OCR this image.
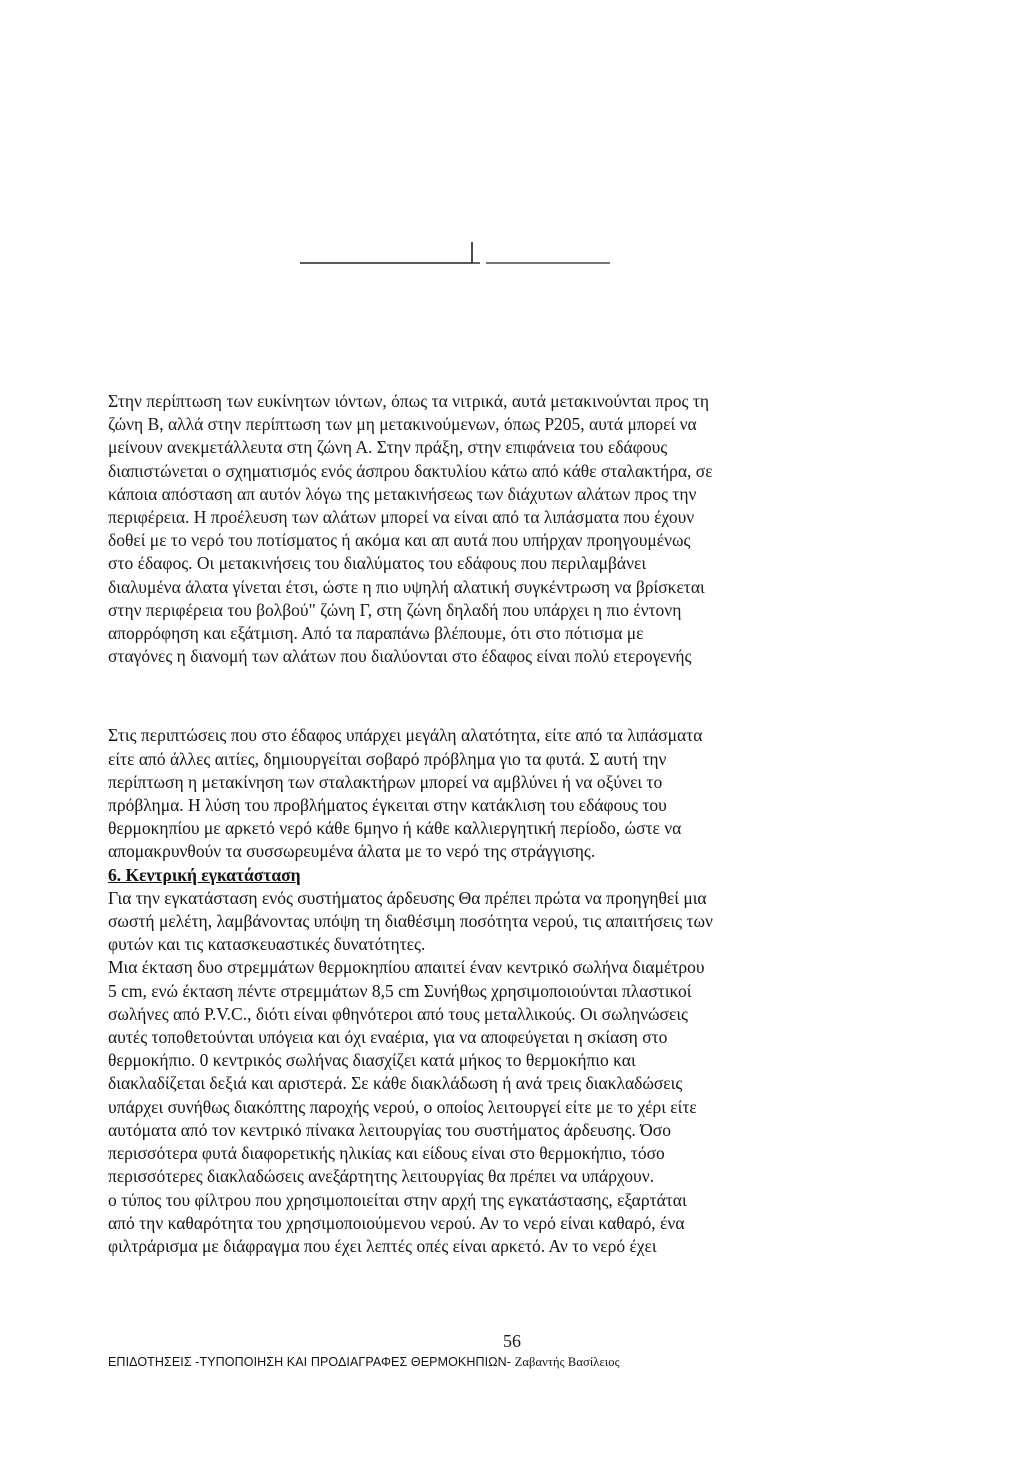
Στην περίπτωση των ευκίνητων ιόντων, όπως τα νιτρικά, αυτά μετακινούνται προς τη
ζώνη Β, αλλά στην περίπτωση των μη μετακινούμενων, όπως Ρ205, αυτά μπορεί να
μείνουν ανεκμετάλλευτα στη ζώνη Α. Στην πράξη, στην επιφάνεια του εδάφους
διαπιστώνεται ο σχηματισμός ενός άσπρου δακτυλίου κάτω από κάθε σταλακτήρα, σε
κάποια απόσταση απ αυτόν λόγω της μετακινήσεως των διάχυτων αλάτων προς την
περιφέρεια. Η προέλευση των αλάτων μπορεί να είναι από τα λιπάσματα που έχουν
δοθεί με το νερό του ποτίσματος ή ακόμα και απ αυτά που υπήρχαν προηγουμένως
στο έδαφος. Οι μετακινήσεις του διαλύματος του εδάφους που περιλαμβάνει
διαλυμένα άλατα γίνεται έτσι, ώστε η πιο υψηλή αλατική συγκέντρωση να βρίσκεται
στην περιφέρεια του βολβού" ζώνη Γ, στη ζώνη δηλαδή που υπάρχει η πιο έντονη
απορρόφηση και εξάτμιση. Από τα παραπάνω βλέπουμε, ότι στο πότισμα με
σταγόνες η διανομή των αλάτων που διαλύονται στο έδαφος είναι πολύ ετερογενής

Στις περιπτώσεις που στο έδαφος υπάρχει μεγάλη αλατότητα, είτε από τα λιπάσματα
είτε από άλλες αιτίες, δημιουργείται σοβαρό πρόβλημα γιο τα φυτά. Σ αυτή την
περίπτωση η μετακίνηση των σταλακτήρων μπορεί να αμβλύνει ή να οξύνει το
πρόβλημα. Η λύση του προβλήματος έγκειται στην κατάκλιση του εδάφους του
θερμοκηπίου με αρκετό νερό κάθε 6μηνο ή κάθε καλλιεργητική περίοδο, ώστε να
απομακρυνθούν τα συσσωρευμένα άλατα με το νερό της στράγγισης.

6. Κεντρική εγκατάσταση

Για την εγκατάσταση ενός συστήματος άρδευσης Θα πρέπει πρώτα να προηγηθεί μια
σωστή μελέτη, λαμβάνοντας υπόψη τη διαθέσιμη ποσότητα νερού, τις απαιτήσεις των
φυτών και τις κατασκευαστικές δυνατότητες.
Μια έκταση δυο στρεμμάτων θερμοκηπίου απαιτεί έναν κεντρικό σωλήνα διαμέτρου
5 cm, ενώ έκταση πέντε στρεμμάτων 8,5 cm Συνήθως χρησιμοποιούνται πλαστικοί
σωλήνες από P.V.C., διότι είναι φθηνότεροι από τους μεταλλικούς. Οι σωληνώσεις
αυτές τοποθετούνται υπόγεια και όχι εναέρια, για να αποφεύγεται η σκίαση στο
θερμοκήπιο. 0 κεντρικός σωλήνας διασχίζει κατά μήκος το θερμοκήπιο και
διακλαδίζεται δεξιά και αριστερά. Σε κάθε διακλάδωση ή ανά τρεις διακλαδώσεις
υπάρχει συνήθως διακόπτης παροχής νερού, ο οποίος λειτουργεί είτε με το χέρι είτε
αυτόματα από τον κεντρικό πίνακα λειτουργίας του συστήματος άρδευσης. Όσο
περισσότερα φυτά διαφορετικής ηλικίας και είδους είναι στο θερμοκήπιο, τόσο
περισσότερες διακλαδώσεις ανεξάρτητης λειτουργίας θα πρέπει να υπάρχουν.
ο τύπος του φίλτρου που χρησιμοποιείται στην αρχή της εγκατάστασης, εξαρτάται
από την καθαρότητα του χρησιμοποιούμενου νερού. Αν το νερό είναι καθαρό, ένα
φιλτράρισμα με διάφραγμα που έχει λεπτές οπές είναι αρκετό. Αν το νερό έχει

56
ΕΠΙΔΟΤΗΣΕΙΣ -ΤΥΠΟΠΟΙΗΣΗ ΚΑΙ ΠΡΟΔΙΑΓΡΑΦΕΣ ΘΕΡΜΟΚΗΠΙΩΝ- Ζαβαντής Βασίλειος
